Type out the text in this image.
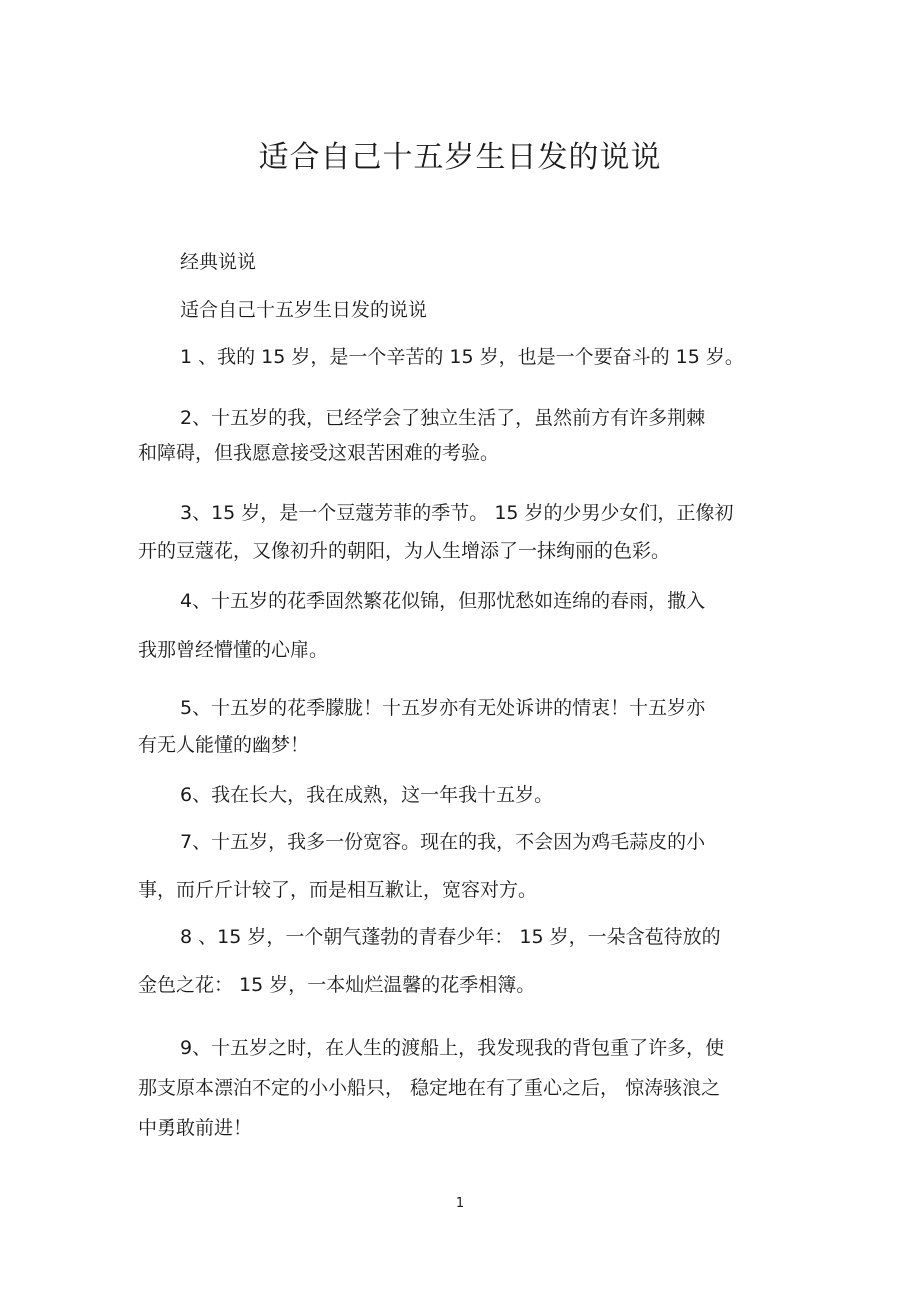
适合自己十五岁生日发的说说
经典说说
适合自己十五岁生日发的说说
1 、我的 15 岁，是一个辛苦的 15 岁，也是一个要奋斗的 15 岁。
2、十五岁的我，已经学会了独立生活了，虽然前方有许多荆棘
和障碍，但我愿意接受这艰苦困难的考验。
3、15 岁，是一个豆蔻芳菲的季节。 15 岁的少男少女们，正像初
开的豆蔻花，又像初升的朝阳，为人生增添了一抹绚丽的色彩。
4、十五岁的花季固然繁花似锦，但那忧愁如连绵的春雨，撒入
我那曾经懵懂的心扉。
5、十五岁的花季朦胧！十五岁亦有无处诉讲的情衷！十五岁亦
有无人能懂的幽梦！
6、我在长大，我在成熟，这一年我十五岁。
7、十五岁，我多一份宽容。现在的我，不会因为鸡毛蒜皮的小
事，而斤斤计较了，而是相互歉让，宽容对方。
8 、15 岁，一个朝气蓬勃的青春少年： 15 岁，一朵含苞待放的
金色之花： 15 岁，一本灿烂温馨的花季相簿。
9、十五岁之时，在人生的渡船上，我发现我的背包重了许多，使
那支原本漂泊不定的小小船只， 稳定地在有了重心之后， 惊涛骇浪之
中勇敢前进！
1
